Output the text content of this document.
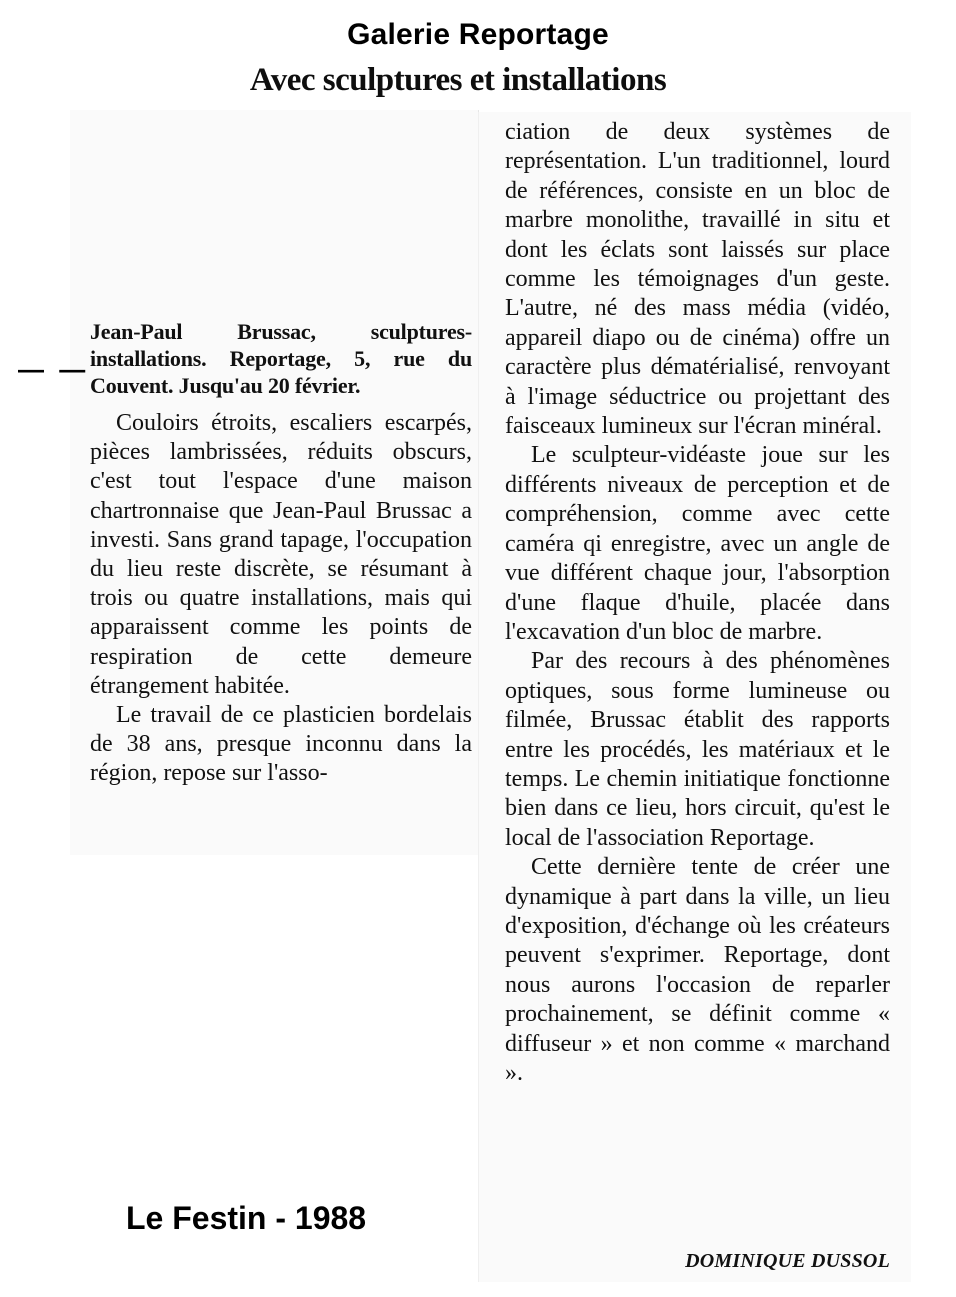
Galerie Reportage
Avec sculptures et installations
— —

Jean-Paul Brussac, sculptures-installations. Reportage, 5, rue du Couvent. Jusqu'au 20 février.

Couloirs étroits, escaliers escarpés, pièces lambrissées, réduits obscurs, c'est tout l'espace d'une maison chartronnaise que Jean-Paul Brussac a investi. Sans grand tapage, l'occupation du lieu reste discrète, se résumant à trois ou quatre installations, mais qui apparaissent comme les points de respiration de cette demeure étrangement habitée.

Le travail de ce plasticien bordelais de 38 ans, presque inconnu dans la région, repose sur l'asso-

ciation de deux systèmes de représentation. L'un traditionnel, lourd de références, consiste en un bloc de marbre monolithe, travaillé in situ et dont les éclats sont laissés sur place comme les témoignages d'un geste. L'autre, né des mass média (vidéo, appareil diapo ou de cinéma) offre un caractère plus dématérialisé, renvoyant à l'image séductrice ou projettant des faisceaux lumineux sur l'écran minéral.

Le sculpteur-vidéaste joue sur les différents niveaux de perception et de compréhension, comme avec cette caméra qi enregistre, avec un angle de vue différent chaque jour, l'absorption d'une flaque d'huile, placée dans l'excavation d'un bloc de marbre.

Par des recours à des phénomènes optiques, sous forme lumineuse ou filmée, Brussac établit des rapports entre les procédés, les matériaux et le temps. Le chemin initiatique fonctionne bien dans ce lieu, hors circuit, qu'est le local de l'association Reportage.

Cette dernière tente de créer une dynamique à part dans la ville, un lieu d'exposition, d'échange où les créateurs peuvent s'exprimer. Reportage, dont nous aurons l'occasion de reparler prochainement, se définit comme « diffuseur » et non comme « marchand ».

DOMINIQUE DUSSOL
Le Festin - 1988
